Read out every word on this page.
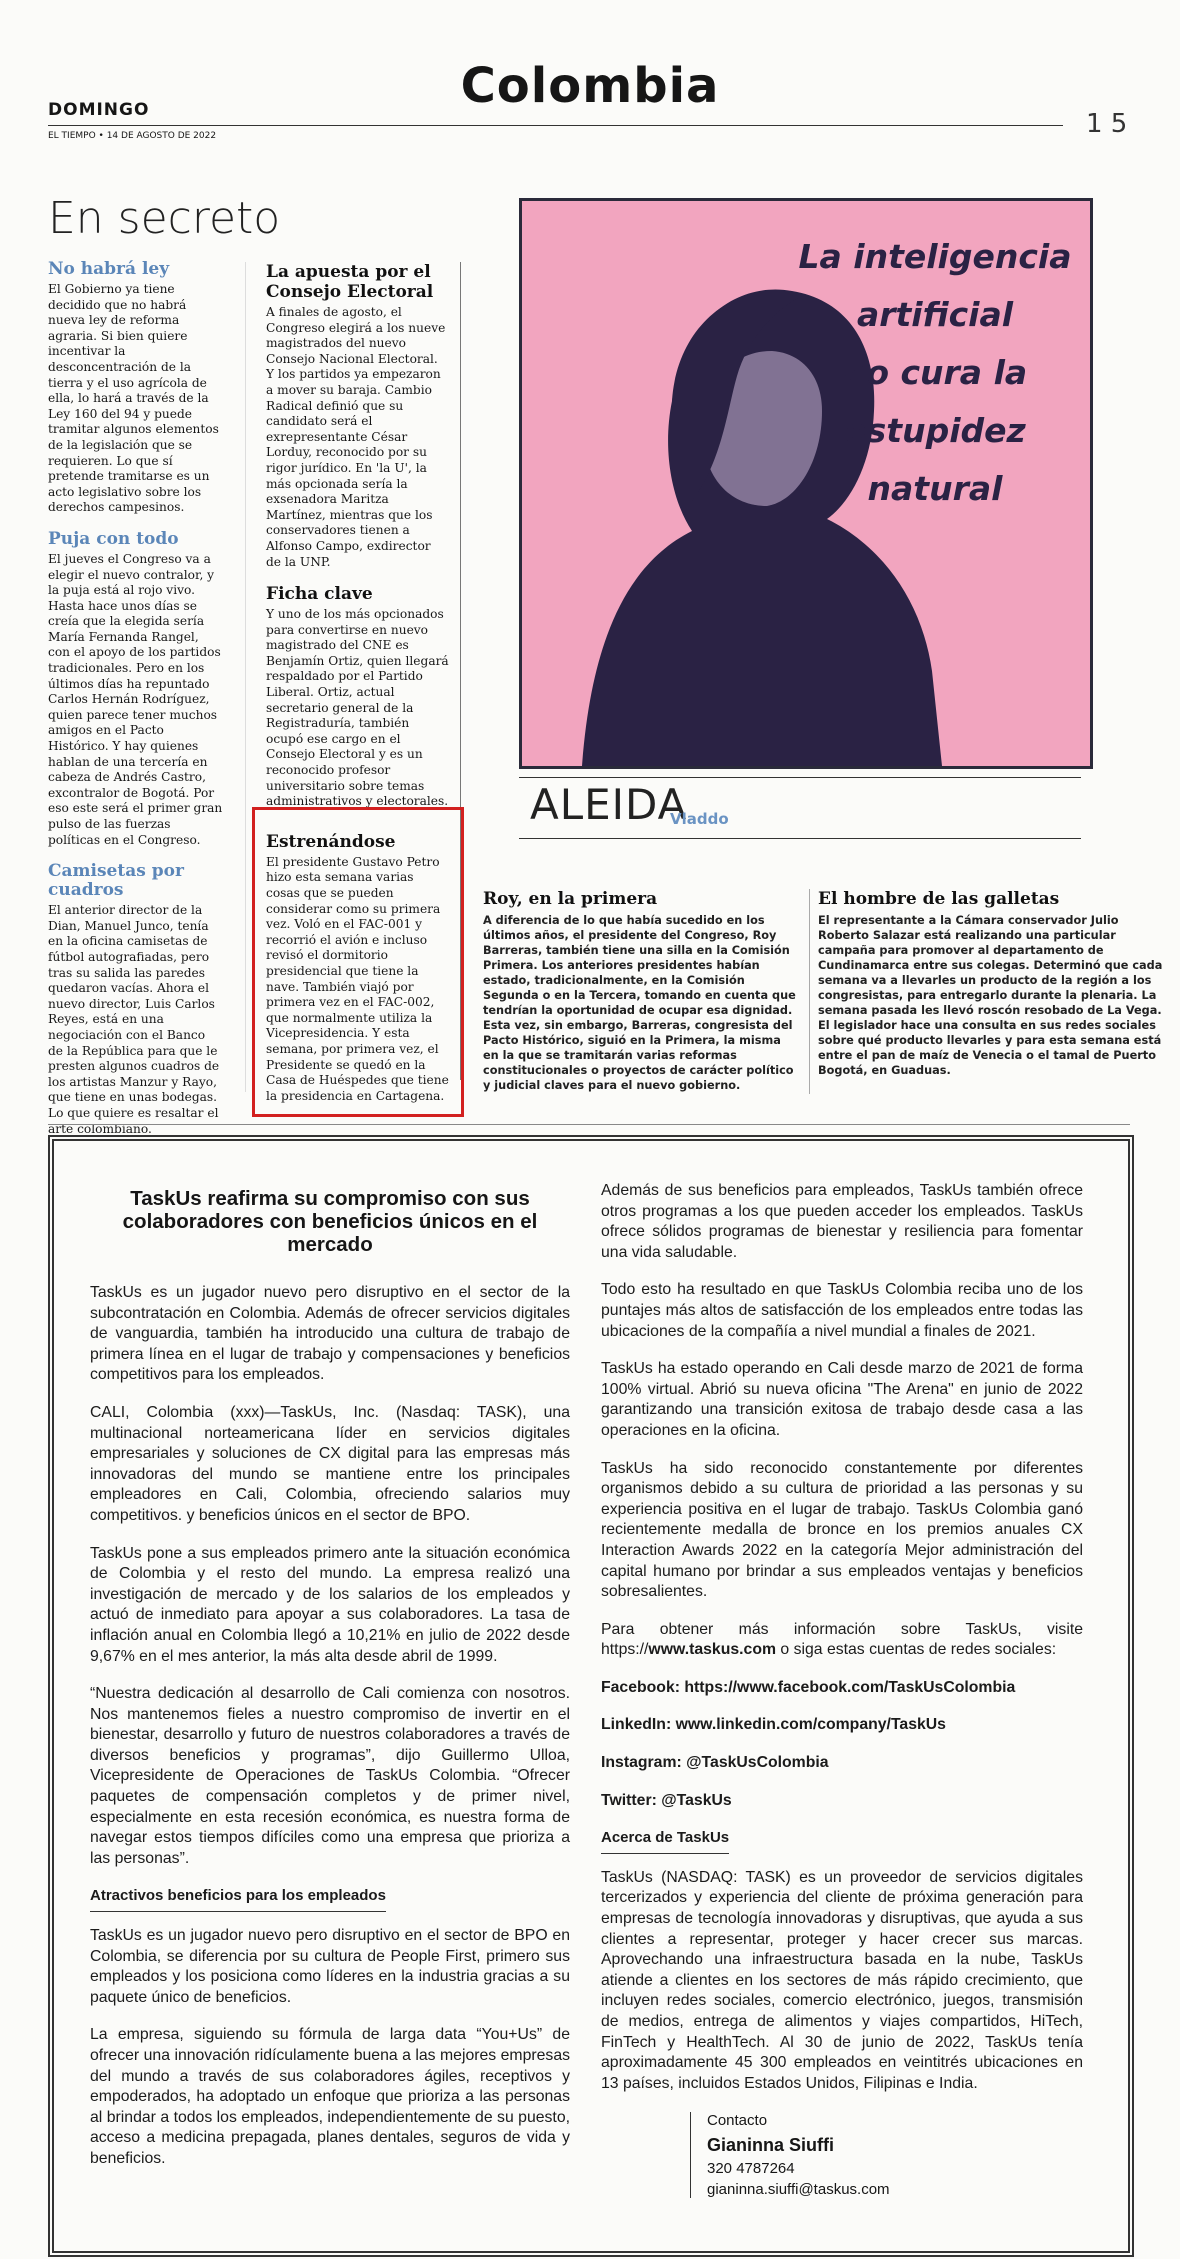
Colombia
DOMINGO
EL TIEMPO • 14 DE AGOSTO DE 2022	1 5
En secreto
No habrá ley

El Gobierno ya tiene decidido que no habrá nueva ley de reforma agraria. Si bien quiere incentivar la desconcentración de la tierra y el uso agrícola de ella, lo hará a través de la Ley 160 del 94 y puede tramitar algunos elementos de la legislación que se requieren. Lo que sí pretende tramitarse es un acto legislativo sobre los derechos campesinos.

Puja con todo

El jueves el Congreso va a elegir el nuevo contralor, y la puja está al rojo vivo. Hasta hace unos días se creía que la elegida sería María Fernanda Rangel, con el apoyo de los partidos tradicionales. Pero en los últimos días ha repuntado Carlos Hernán Rodríguez, quien parece tener muchos amigos en el Pacto Histórico. Y hay quienes hablan de una tercería en cabeza de Andrés Castro, excontralor de Bogotá. Por eso este será el primer gran pulso de las fuerzas políticas en el Congreso.

Camisetas por cuadros

El anterior director de la Dian, Manuel Junco, tenía en la oficina camisetas de fútbol autografiadas, pero tras su salida las paredes quedaron vacías. Ahora el nuevo director, Luis Carlos Reyes, está en una negociación con el Banco de la República para que le presten algunos cuadros de los artistas Manzur y Rayo, que tiene en unas bodegas. Lo que quiere es resaltar el arte colombiano.

La apuesta por el Consejo Electoral

A finales de agosto, el Congreso elegirá a los nueve magistrados del nuevo Consejo Nacional Electoral. Y los partidos ya empezaron a mover su baraja. Cambio Radical definió que su candidato será el exrepresentante César Lorduy, reconocido por su rigor jurídico. En 'la U', la más opcionada sería la exsenadora Maritza Martínez, mientras que los conservadores tienen a Alfonso Campo, exdirector de la UNP.

Ficha clave

Y uno de los más opcionados para convertirse en nuevo magistrado del CNE es Benjamín Ortiz, quien llegará respaldado por el Partido Liberal. Ortiz, actual secretario general de la Registraduría, también ocupó ese cargo en el Consejo Electoral y es un reconocido profesor universitario sobre temas administrativos y electorales.

Estrenándose

El presidente Gustavo Petro hizo esta semana varias cosas que se pueden considerar como su primera vez. Voló en el FAC-001 y recorrió el avión e incluso revisó el dormitorio presidencial que tiene la nave. También viajó por primera vez en el FAC-002, que normalmente utiliza la Vicepresidencia. Y esta semana, por primera vez, el Presidente se quedó en la Casa de Huéspedes que tiene la presidencia en Cartagena.

La inteligencia
artificial
no cura la
estupidez
natural
ALEIDA
Vladdo
Roy, en la primera

A diferencia de lo que había sucedido en los últimos años, el presidente del Congreso, Roy Barreras, también tiene una silla en la Comisión Primera. Los anteriores presidentes habían estado, tradicionalmente, en la Comisión Segunda o en la Tercera, tomando en cuenta que tendrían la oportunidad de ocupar esa dignidad. Esta vez, sin embargo, Barreras, congresista del Pacto Histórico, siguió en la Primera, la misma en la que se tramitarán varias reformas constitucionales o proyectos de carácter político y judicial claves para el nuevo gobierno.

El hombre de las galletas

El representante a la Cámara conservador Julio Roberto Salazar está realizando una particular campaña para promover al departamento de Cundinamarca entre sus colegas. Determinó que cada semana va a llevarles un producto de la región a los congresistas, para entregarlo durante la plenaria. La semana pasada les llevó roscón resobado de La Vega. El legislador hace una consulta en sus redes sociales sobre qué producto llevarles y para esta semana está entre el pan de maíz de Venecia o el tamal de Puerto Bogotá, en Guaduas.

TaskUs reafirma su compromiso con sus colaboradores con beneficios únicos en el mercado

TaskUs es un jugador nuevo pero disruptivo en el sector de la subcontratación en Colombia. Además de ofrecer servicios digitales de vanguardia, también ha introducido una cultura de trabajo de primera línea en el lugar de trabajo y compensaciones y beneficios competitivos para los empleados.

CALI, Colombia (xxx)—TaskUs, Inc. (Nasdaq: TASK), una multinacional norteamericana líder en servicios digitales empresariales y soluciones de CX digital para las empresas más innovadoras del mundo se mantiene entre los principales empleadores en Cali, Colombia, ofreciendo salarios muy competitivos. y beneficios únicos en el sector de BPO.

TaskUs pone a sus empleados primero ante la situación económica de Colombia y el resto del mundo. La empresa realizó una investigación de mercado y de los salarios de los empleados y actuó de inmediato para apoyar a sus colaboradores. La tasa de inflación anual en Colombia llegó a 10,21% en julio de 2022 desde 9,67% en el mes anterior, la más alta desde abril de 1999.

“Nuestra dedicación al desarrollo de Cali comienza con nosotros. Nos mantenemos fieles a nuestro compromiso de invertir en el bienestar, desarrollo y futuro de nuestros colaboradores a través de diversos beneficios y programas”, dijo Guillermo Ulloa, Vicepresidente de Operaciones de TaskUs Colombia. “Ofrecer paquetes de compensación completos y de primer nivel, especialmente en esta recesión económica, es nuestra forma de navegar estos tiempos difíciles como una empresa que prioriza a las personas”.

Atractivos beneficios para los empleados

TaskUs es un jugador nuevo pero disruptivo en el sector de BPO en Colombia, se diferencia por su cultura de People First, primero sus empleados y los posiciona como líderes en la industria gracias a su paquete único de beneficios.

La empresa, siguiendo su fórmula de larga data “You+Us” de ofrecer una innovación ridículamente buena a las mejores empresas del mundo a través de sus colaboradores ágiles, receptivos y empoderados, ha adoptado un enfoque que prioriza a las personas al brindar a todos los empleados, independientemente de su puesto, acceso a medicina prepagada, planes dentales, seguros de vida y beneficios.

Además de sus beneficios para empleados, TaskUs también ofrece otros programas a los que pueden acceder los empleados. TaskUs ofrece sólidos programas de bienestar y resiliencia para fomentar una vida saludable.

Todo esto ha resultado en que TaskUs Colombia reciba uno de los puntajes más altos de satisfacción de los empleados entre todas las ubicaciones de la compañía a nivel mundial a finales de 2021.

TaskUs ha estado operando en Cali desde marzo de 2021 de forma 100% virtual. Abrió su nueva oficina "The Arena" en junio de 2022 garantizando una transición exitosa de trabajo desde casa a las operaciones en la oficina.

TaskUs ha sido reconocido constantemente por diferentes organismos debido a su cultura de prioridad a las personas y su experiencia positiva en el lugar de trabajo. TaskUs Colombia ganó recientemente medalla de bronce en los premios anuales CX Interaction Awards 2022 en la categoría Mejor administración del capital humano por brindar a sus empleados ventajas y beneficios sobresalientes.

Para obtener más información sobre TaskUs, visite https://www.taskus.com o siga estas cuentas de redes sociales:

Facebook: https://www.facebook.com/TaskUsColombia

LinkedIn: www.linkedin.com/company/TaskUs

Instagram: @TaskUsColombia

Twitter: @TaskUs

Acerca de TaskUs

TaskUs (NASDAQ: TASK) es un proveedor de servicios digitales tercerizados y experiencia del cliente de próxima generación para empresas de tecnología innovadoras y disruptivas, que ayuda a sus clientes a representar, proteger y hacer crecer sus marcas. Aprovechando una infraestructura basada en la nube, TaskUs atiende a clientes en los sectores de más rápido crecimiento, que incluyen redes sociales, comercio electrónico, juegos, transmisión de medios, entrega de alimentos y viajes compartidos, HiTech, FinTech y HealthTech. Al 30 de junio de 2022, TaskUs tenía aproximadamente 45 300 empleados en veintitrés ubicaciones en 13 países, incluidos Estados Unidos, Filipinas e India.

Contacto
Gianinna Siuffi
320 4787264
gianinna.siuffi@taskus.com
